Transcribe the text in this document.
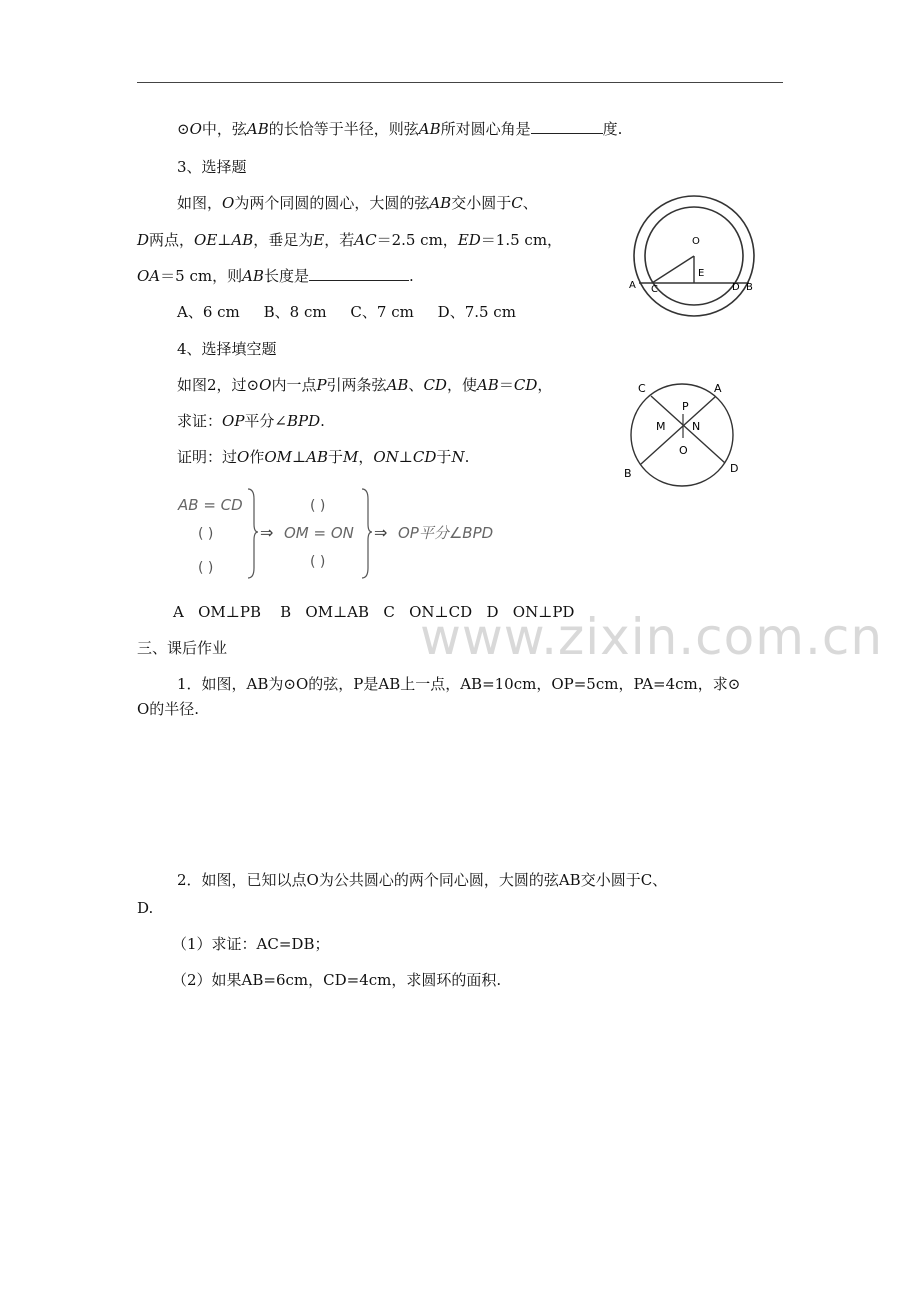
⊙O中，弦AB的长恰等于半径，则弦AB所对圆心角是	度.
3、选择题
如图，O为两个同圆的圆心，大圆的弦AB交小圆于C、
D两点，OE⊥AB，垂足为E，若AC＝2.5 cm，ED＝1.5 cm，
OA＝5 cm，则AB长度是	.
A、6 cm     B、8 cm     C、7 cm     D、7.5 cm
O
E
A C	D B
4、选择填空题
如图2，过⊙O内一点P引两条弦AB、CD，使AB＝CD，
求证：OP平分∠BPD.
证明：过O作OM⊥AB于M，ON⊥CD于N.
C	A
P
M N
O
B	D
AB = CD
( )
( )
⇒
( )
OM = ON
( )
⇒ OP平分∠BPD
A   OM⊥PB    B   OM⊥AB   C   ON⊥CD   D   ON⊥PD
www.zixin.com.cn
三、课后作业
1．如图，AB为⊙O的弦，P是AB上一点，AB=10cm，OP=5cm，PA=4cm，求⊙
O的半径.
2．如图，已知以点O为公共圆心的两个同心圆，大圆的弦AB交小圆于C、
D.
（1）求证：AC=DB；
（2）如果AB=6cm，CD=4cm，求圆环的面积.
